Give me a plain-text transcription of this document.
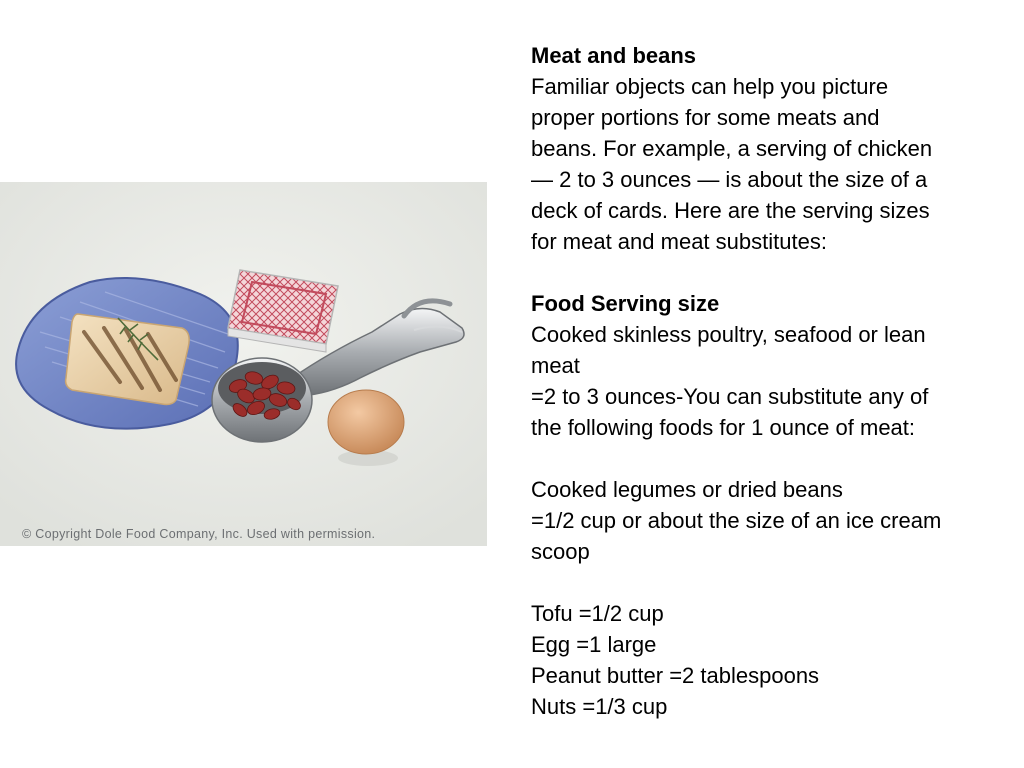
© Copyright Dole Food Company, Inc. Used with permission.
Meat and beans
Familiar objects can help you picture
proper portions for some meats and
beans. For example, a serving of chicken
— 2 to 3 ounces — is about the size of a
deck of cards. Here are the serving sizes
for meat and meat substitutes:
Food Serving size
Cooked skinless poultry, seafood or lean
meat
=2 to 3 ounces-You can substitute any of
the following foods for 1 ounce of meat:
Cooked legumes or dried beans
=1/2 cup or about the size of an ice cream
scoop
Tofu =1/2 cup
Egg =1 large
Peanut butter =2 tablespoons
Nuts =1/3 cup
